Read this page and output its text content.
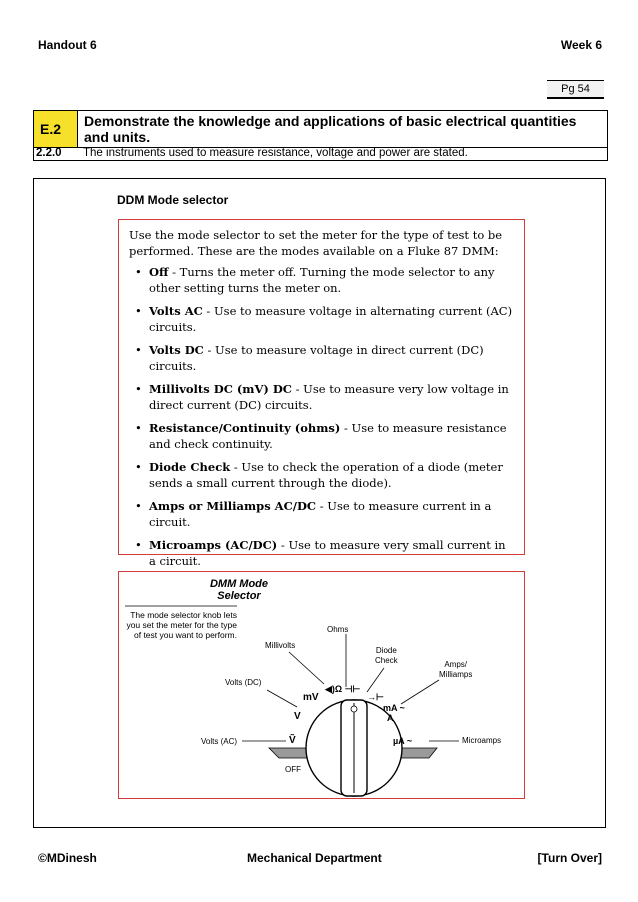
Handout 6	Week 6
Pg 54
E.2	Demonstrate the knowledge and applications of basic electrical quantities and units.
2.2.0 The instruments used to measure resistance, voltage and power are stated.
DDM Mode selector

Use the mode selector to set the meter for the type of test to be performed. These are the modes available on a Fluke 87 DMM:

• Off - Turns the meter off. Turning the mode selector to any other setting turns the meter on.
• Volts AC - Use to measure voltage in alternating current (AC) circuits.
• Volts DC - Use to measure voltage in direct current (DC) circuits.
• Millivolts DC (mV) DC - Use to measure very low voltage in direct current (DC) circuits.
• Resistance/Continuity (ohms) - Use to measure resistance and check continuity.
• Diode Check - Use to check the operation of a diode (meter sends a small current through the diode).
• Amps or Milliamps AC/DC - Use to measure current in a circuit.
• Microamps (AC/DC) - Use to measure very small current in a circuit.
DMM Mode
Selector
The mode selector knob lets you set the meter for the type of test you want to perform.
Ohms
Millivolts
Diode
Check	Amps/
Milliamps
Volts (DC)
Volts (AC)	Microamps
OFF
mV
V
Ṽ
◀)Ω ⊣⊢
→⊢
mA ~
A
µA ~
©MDinesh	Mechanical Department	[Turn Over]
